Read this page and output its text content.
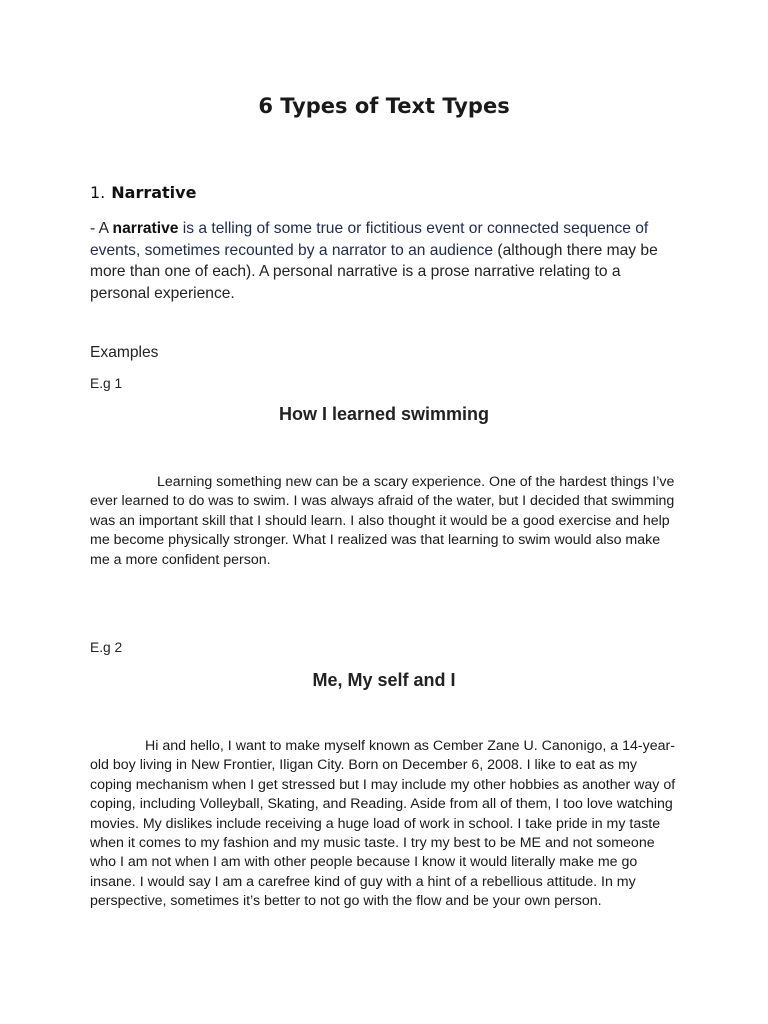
6 Types of Text Types
1. Narrative

- A narrative is a telling of some true or fictitious event or connected sequence of events, sometimes recounted by a narrator to an audience (although there may be more than one of each). A personal narrative is a prose narrative relating to a personal experience.

Examples

E.g 1

How I learned swimming

Learning something new can be a scary experience. One of the hardest things I’ve ever learned to do was to swim. I was always afraid of the water, but I decided that swimming was an important skill that I should learn. I also thought it would be a good exercise and help me become physically stronger. What I realized was that learning to swim would also make me a more confident person.

E.g 2

Me, My self and I

Hi and hello, I want to make myself known as Cember Zane U. Canonigo, a 14-year-old boy living in New Frontier, Iligan City. Born on December 6, 2008. I like to eat as my coping mechanism when I get stressed but I may include my other hobbies as another way of coping, including Volleyball, Skating, and Reading. Aside from all of them, I too love watching movies. My dislikes include receiving a huge load of work in school. I take pride in my taste when it comes to my fashion and my music taste. I try my best to be ME and not someone who I am not when I am with other people because I know it would literally make me go insane. I would say I am a carefree kind of guy with a hint of a rebellious attitude. In my perspective, sometimes it’s better to not go with the flow and be your own person.
